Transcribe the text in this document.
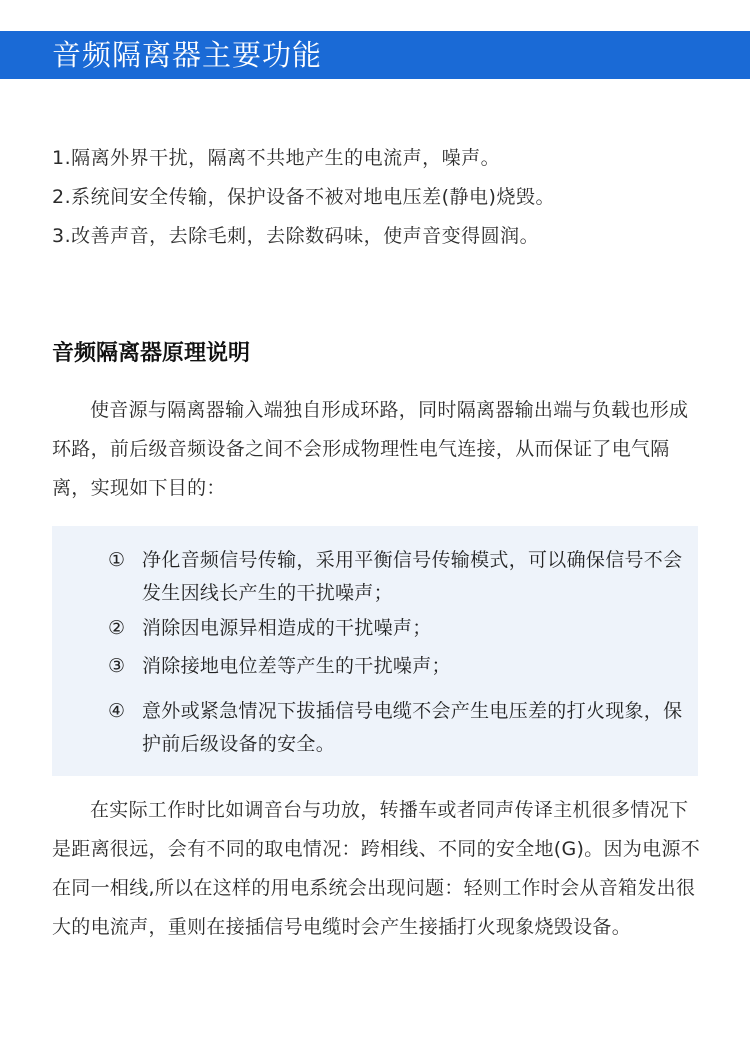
音频隔离器主要功能
1.隔离外界干扰，隔离不共地产生的电流声，噪声。
2.系统间安全传输，保护设备不被对地电压差(静电)烧毁。
3.改善声音，去除毛刺，去除数码味，使声音变得圆润。
音频隔离器原理说明

使音源与隔离器输入端独自形成环路，同时隔离器输出端与负载也形成环路，前后级音频设备之间不会形成物理性电气连接，从而保证了电气隔离，实现如下目的：

① 净化音频信号传输，采用平衡信号传输模式，可以确保信号不会发生因线长产生的干扰噪声；
② 消除因电源异相造成的干扰噪声；
③ 消除接地电位差等产生的干扰噪声；
④ 意外或紧急情况下拔插信号电缆不会产生电压差的打火现象，保护前后级设备的安全。

在实际工作时比如调音台与功放，转播车或者同声传译主机很多情况下是距离很远，会有不同的取电情况：跨相线、不同的安全地(G)。因为电源不在同一相线,所以在这样的用电系统会出现问题：轻则工作时会从音箱发出很大的电流声，重则在接插信号电缆时会产生接插打火现象烧毁设备。
